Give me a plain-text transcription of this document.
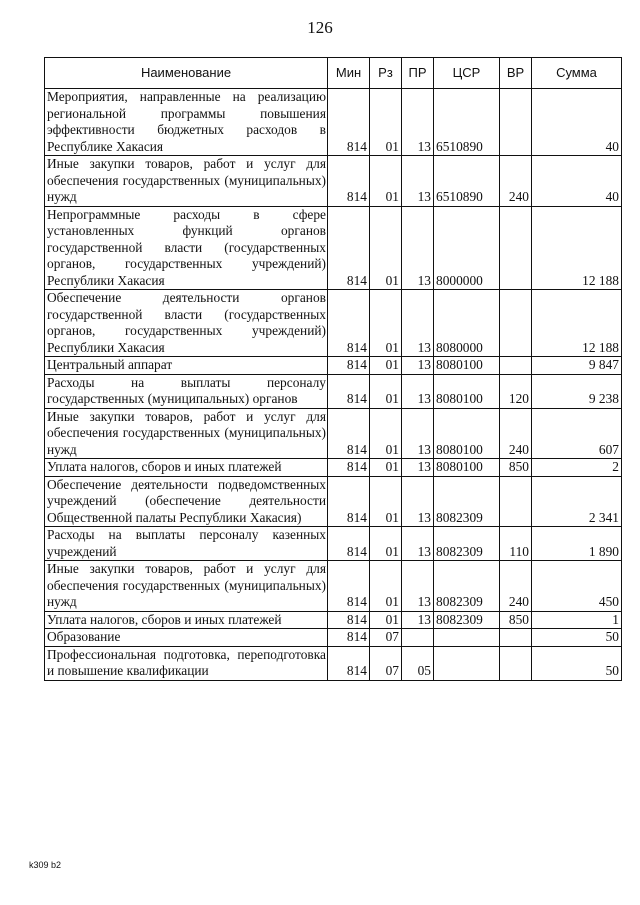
126
Наименование	Мин	Рз	ПР	ЦСР	ВР	Сумма
Мероприятия, направленные на реализацию региональной программы повышения эффективности бюджетных расходов в Республике Хакасия	814	01	13	6510890		40
Иные закупки товаров, работ и услуг для обеспечения государственных (муниципальных) нужд	814	01	13	6510890	240	40
Непрограммные расходы в сфере установленных функций органов государственной власти (государственных органов, государственных учреждений) Республики Хакасия	814	01	13	8000000		12 188
Обеспечение деятельности органов государственной власти (государственных органов, государственных учреждений) Республики Хакасия	814	01	13	8080000		12 188
Центральный аппарат	814	01	13	8080100		9 847
Расходы на выплаты персоналу государственных (муниципальных) органов	814	01	13	8080100	120	9 238
Иные закупки товаров, работ и услуг для обеспечения государственных (муниципальных) нужд	814	01	13	8080100	240	607
Уплата налогов, сборов и иных платежей	814	01	13	8080100	850	2
Обеспечение деятельности подведомственных учреждений (обеспечение деятельности Общественной палаты Республики Хакасия)	814	01	13	8082309		2 341
Расходы на выплаты персоналу казенных учреждений	814	01	13	8082309	110	1 890
Иные закупки товаров, работ и услуг для обеспечения государственных (муниципальных) нужд	814	01	13	8082309	240	450
Уплата налогов, сборов и иных платежей	814	01	13	8082309	850	1
Образование	814	07				50
Профессиональная подготовка, переподготовка и повышение квалификации	814	07	05			50
k309 b2
